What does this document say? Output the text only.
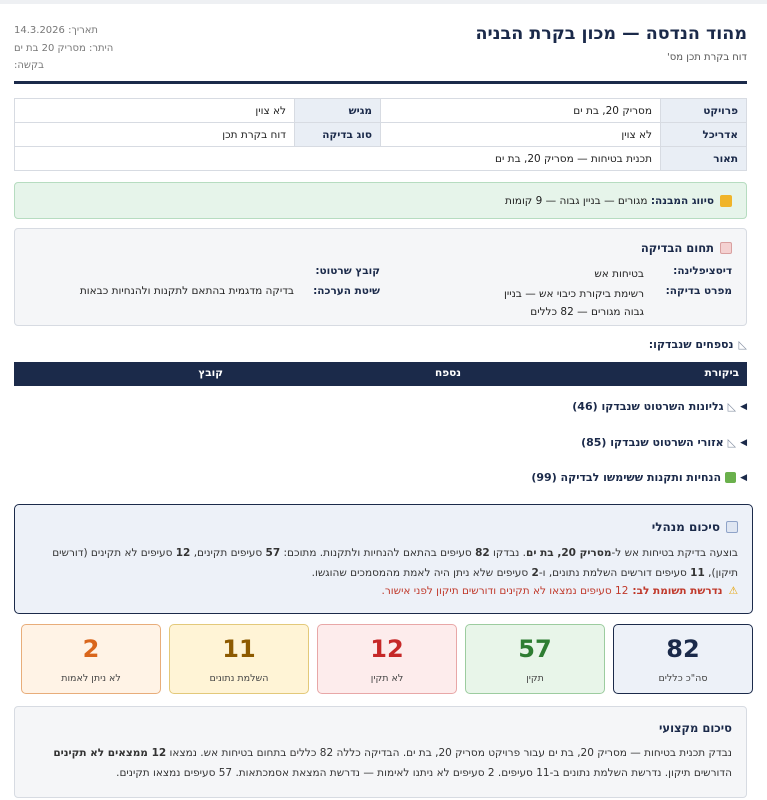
מהוד הנדסה — מכון בקרת הבניה
דוח בקרת תכן מס'
תאריך: 14.3.2026
היתר: מסריק 20 בת ים
בקשה:
פרויקט	מסריק 20, בת ים	מגיש	לא צוין
אדריכל	לא צוין	סוג בדיקה	דוח בקרת תכן
תאור	תכנית בטיחות — מסריק 20, בת ים		
סיווג המבנה:

מגורים — בניין גבוה — 9 קומות
תחום הבדיקה
דיסציפלינה:
בטיחות אש
קובץ שרטוט:
מפרט בדיקה:
רשימת ביקורת כיבוי אש — בניין גבוה מגורים — 82 כללים
שיטת הערכה:
בדיקה מדגמית בהתאם לתקנות ולהנחיות כבאות
◺
נספחים שנבדקו:
ביקורת
נספח
קובץ
◀
◺
גליונות השרטוט שנבדקו (46)
◀
◺
אזורי השרטוט שנבדקו (85)
◀
הנחיות ותקנות ששימשו לבדיקה (99)
סיכום מנהלי
בוצעה בדיקת בטיחות אש ל-מסריק 20, בת ים. נבדקו 82 סעיפים בהתאם להנחיות ולתקנות. מתוכם: 57 סעיפים תקינים, 12 סעיפים לא תקינים (דורשים תיקון), 11 סעיפים דורשים השלמת נתונים, ו-2 סעיפים שלא ניתן היה לאמת מהמסמכים שהוגשו.
⚠
נדרשת תשומת לב:
12 סעיפים נמצאו לא תקינים ודורשים תיקון לפני אישור.
82
סה"כ כללים
57
תקין
12
לא תקין
11
השלמת נתונים
2
לא ניתן לאמות
סיכום מקצועי
נבדק תכנית בטיחות — מסריק 20, בת ים עבור פרויקט מסריק 20, בת ים. הבדיקה כללה 82 כללים בתחום בטיחות אש. נמצאו 12 ממצאים לא תקינים הדורשים תיקון. נדרשת השלמת נתונים ב-11 סעיפים. 2 סעיפים לא ניתנו לאימות — נדרשת המצאת אסמכתאות. 57 סעיפים נמצאו תקינים.
